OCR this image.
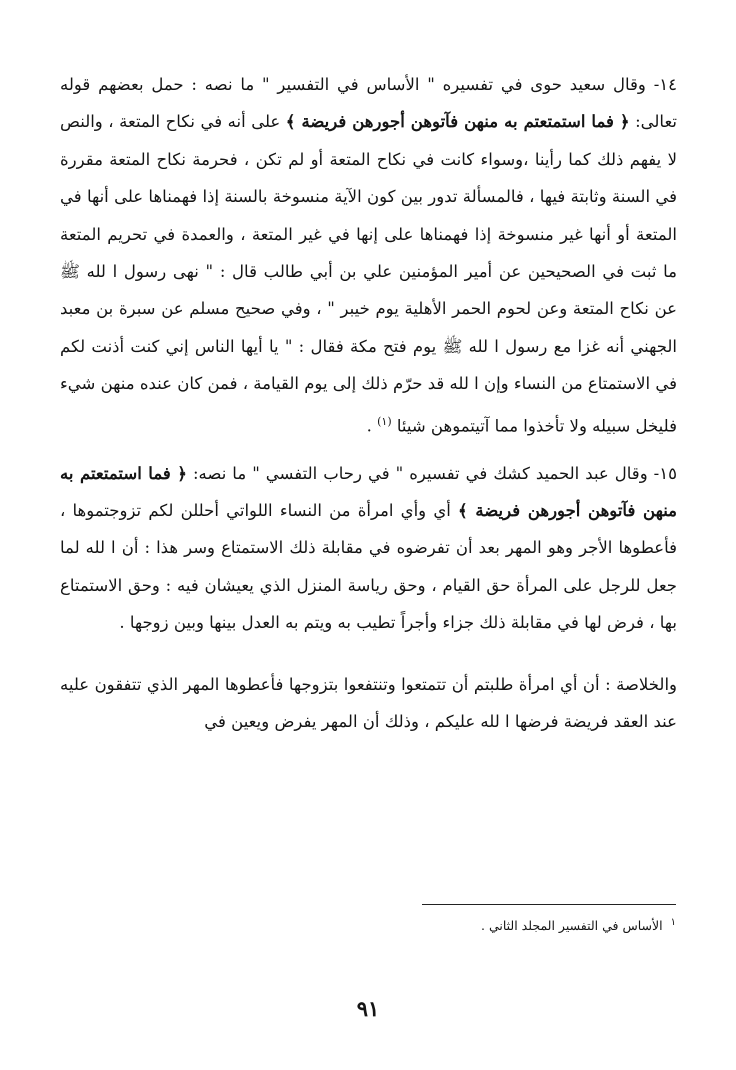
١٤- وقال سعيد حوى في تفسيره " الأساس في التفسير " ما نصه : حمل بعضهم قوله تعالى: ﴿ فما استمتعتم به منهن فآتوهن أجورهن فريضة ﴾ على أنه في نكاح المتعة ، والنص لا يفهم ذلك كما رأينا ،وسواء كانت في نكاح المتعة أو لم تكن ، فحرمة نكاح المتعة مقررة في السنة وثابتة فيها ، فالمسألة تدور بين كون الآية منسوخة بالسنة إذا فهمناها على أنها في المتعة أو أنها غير منسوخة إذا فهمناها على إنها في غير المتعة ، والعمدة في تحريم المتعة ما ثبت في الصحيحين عن أمير المؤمنين علي بن أبي طالب قال : " نهى رسول ا لله ﷺ عن نكاح المتعة وعن لحوم الحمر الأهلية يوم خيبر " ، وفي صحيح مسلم عن سبرة بن معبد الجهني أنه غزا مع رسول ا لله ﷺ يوم فتح مكة فقال : " يا أيها الناس إني كنت أذنت لكم في الاستمتاع من النساء وإن ا لله قد حرّم ذلك إلى يوم القيامة ، فمن كان عنده منهن شيء فليخل سبيله ولا تأخذوا مما آتيتموهن شيئا $^{(١)}$ .

١٥- وقال عبد الحميد كشك في تفسيره " في رحاب التفسي " ما نصه: ﴿ فما استمتعتم به منهن فآتوهن أجورهن فريضة ﴾ أي وأي امرأة من النساء اللواتي أحللن لكم تزوجتموها ، فأعطوها الأجر وهو المهر بعد أن تفرضوه في مقابلة ذلك الاستمتاع وسر هذا : أن ا لله لما جعل للرجل على المرأة حق القيام ، وحق رياسة المنزل الذي يعيشان فيه : وحق الاستمتاع بها ، فرض لها في مقابلة ذلك جزاء وأجراً تطيب به ويتم به العدل بينها وبين زوجها .

والخلاصة : أن أي امرأة طلبتم أن تتمتعوا وتنتفعوا بتزوجها فأعطوها المهر الذي تتفقون عليه عند العقد فريضة فرضها ا لله عليكم ، وذلك أن المهر يفرض ويعين في

$^١$الأساس في التفسير المجلد الثاني .
٩١
